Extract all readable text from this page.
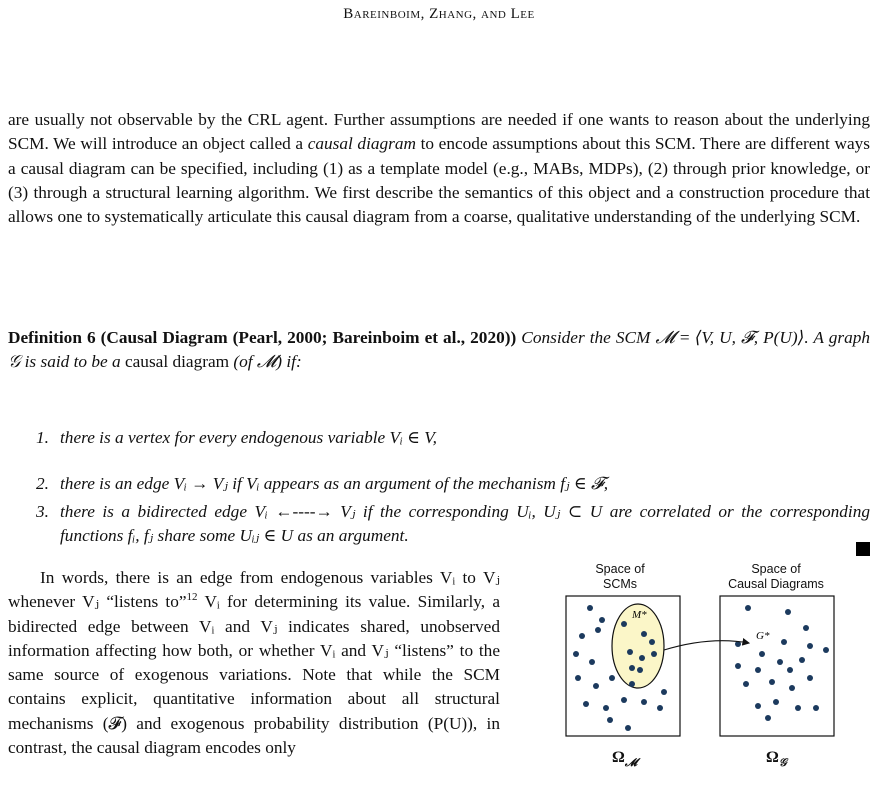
Bareinboim, Zhang, and Lee

are usually not observable by the CRL agent. Further assumptions are needed if one wants to reason about the underlying SCM. We will introduce an object called a causal diagram to encode assumptions about this SCM. There are different ways a causal diagram can be specified, including (1) as a template model (e.g., MABs, MDPs), (2) through prior knowledge, or (3) through a structural learning algorithm. We first describe the semantics of this object and a construction procedure that allows one to systematically articulate this causal diagram from a coarse, qualitative understanding of the underlying SCM.

Definition 6 (Causal Diagram (Pearl, 2000; Bareinboim et al., 2020)) Consider the SCM 𝓜 = ⟨V, U, 𝓕, P(U)⟩. A graph 𝒢 is said to be a causal diagram (of 𝓜) if:

1. there is a vertex for every endogenous variable Vᵢ ∈ V,
2. there is an edge Vᵢ → Vⱼ if Vᵢ appears as an argument of the mechanism fⱼ ∈ 𝓕,
3. there is a bidirected edge Vᵢ ←----→ Vⱼ if the corresponding Uᵢ, Uⱼ ⊂ U are correlated or the corresponding functions fᵢ, fⱼ share some Uᵢⱼ ∈ U as an argument.

In words, there is an edge from endogenous variables Vᵢ to Vⱼ whenever Vⱼ “listens to”$^{12}$ Vᵢ for determining its value. Similarly, a bidirected edge between Vᵢ and Vⱼ indicates shared, unobserved information affecting how both, or whether Vᵢ and Vⱼ “listens” to the same source of exogenous variations. Note that while the SCM contains explicit, quantitative information about all structural mechanisms (𝓕) and exogenous probability distribution (P(U)), in contrast, the causal diagram encodes only

Space of
SCMs
Space of
Causal Diagrams
M*
G*
$\Omega_𝓜$	$\Omega_𝒢$
